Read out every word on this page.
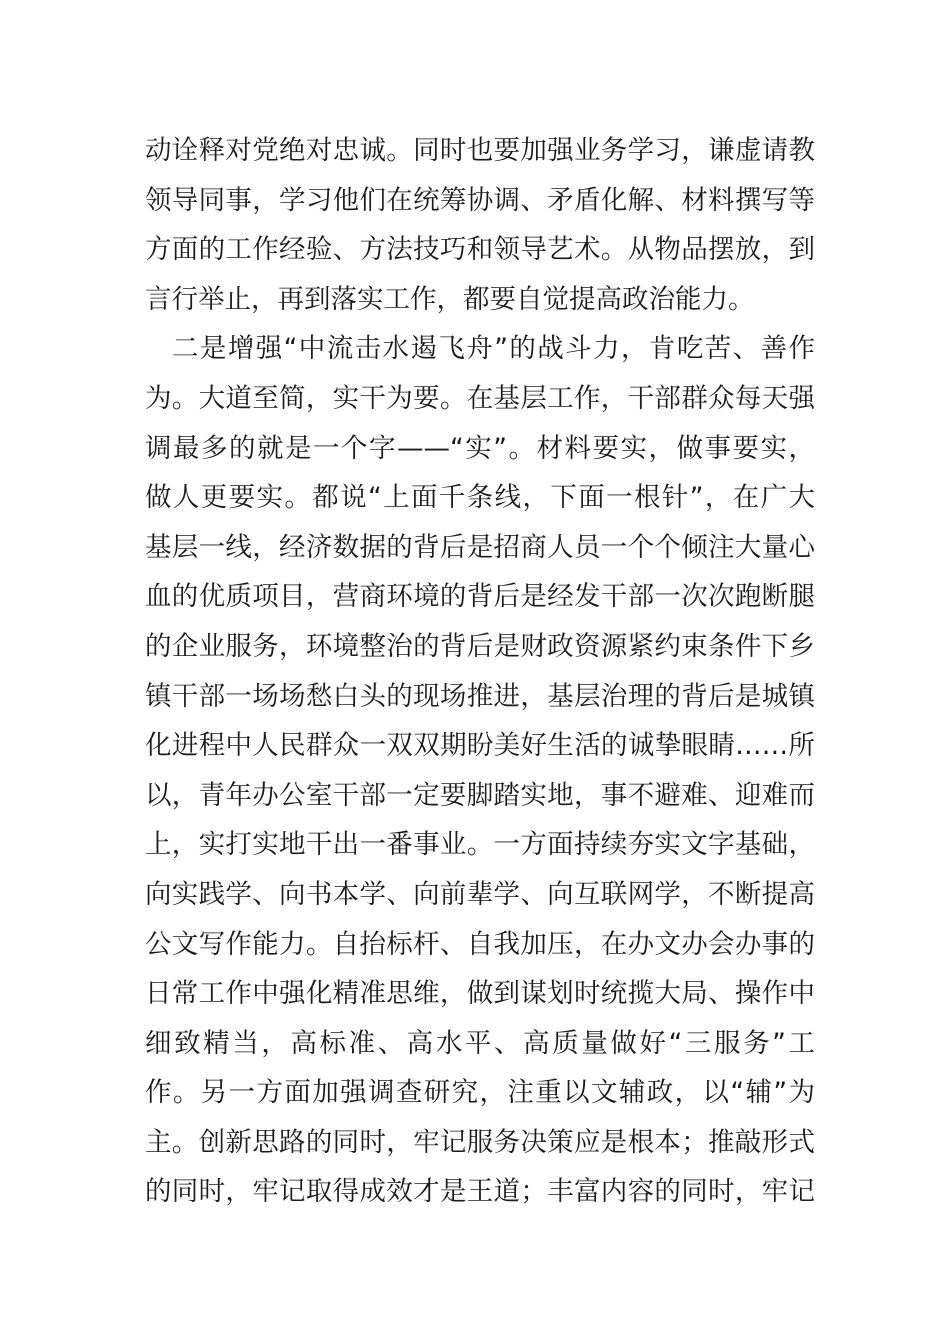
动诠释对党绝对忠诚。同时也要加强业务学习，谦虚请教
领导同事，学习他们在统筹协调、矛盾化解、材料撰写等
方面的工作经验、方法技巧和领导艺术。从物品摆放，到
言行举止，再到落实工作，都要自觉提高政治能力。
二是增强“中流击水遏飞舟”的战斗力，肯吃苦、善作
为。大道至简，实干为要。在基层工作，干部群众每天强
调最多的就是一个字——“实”。材料要实，做事要实，
做人更要实。都说“上面千条线，下面一根针”，在广大
基层一线，经济数据的背后是招商人员一个个倾注大量心
血的优质项目，营商环境的背后是经发干部一次次跑断腿
的企业服务，环境整治的背后是财政资源紧约束条件下乡
镇干部一场场愁白头的现场推进，基层治理的背后是城镇
化进程中人民群众一双双期盼美好生活的诚挚眼睛……所
以，青年办公室干部一定要脚踏实地，事不避难、迎难而
上，实打实地干出一番事业。一方面持续夯实文字基础，
向实践学、向书本学、向前辈学、向互联网学，不断提高
公文写作能力。自抬标杆、自我加压，在办文办会办事的
日常工作中强化精准思维，做到谋划时统揽大局、操作中
细致精当，高标准、高水平、高质量做好“三服务”工
作。另一方面加强调查研究，注重以文辅政，以“辅”为
主。创新思路的同时，牢记服务决策应是根本；推敲形式
的同时，牢记取得成效才是王道；丰富内容的同时，牢记
